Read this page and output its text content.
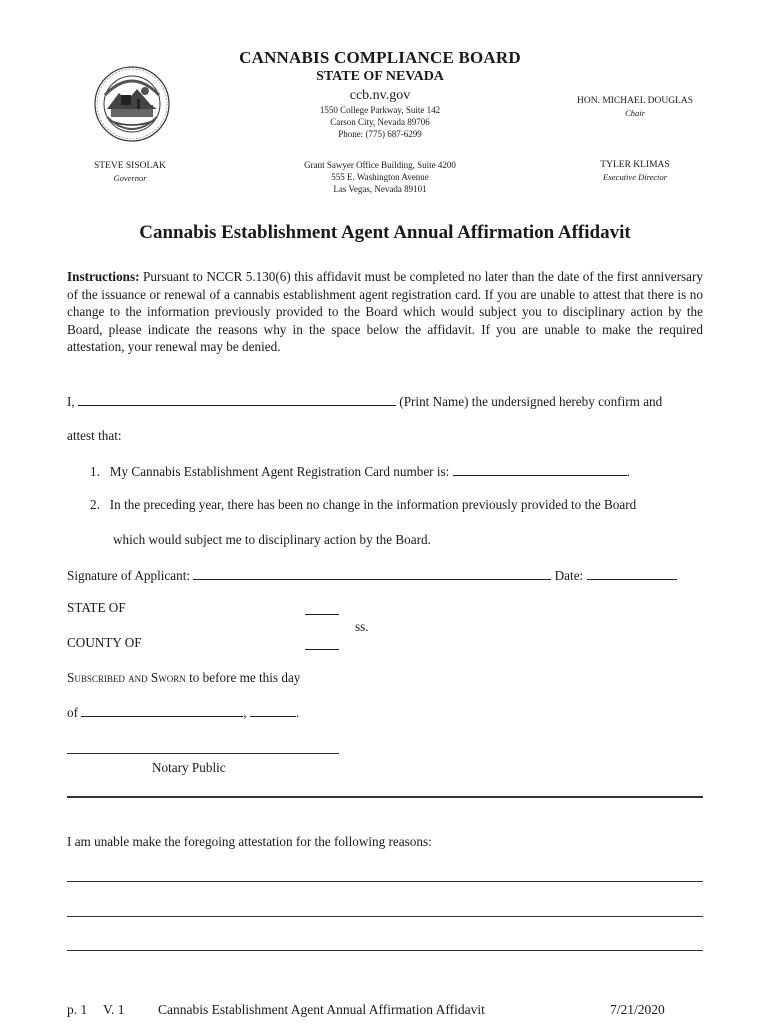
CANNABIS COMPLIANCE BOARD
STATE OF NEVADA
ccb.nv.gov
1550 College Parkway, Suite 142
Carson City, Nevada 89706
Phone: (775) 687-6299
HON. MICHAEL DOUGLAS
Chair
STEVE SISOLAK
Governor
Grant Sawyer Office Building, Suite 4200
555 E. Washington Avenue
Las Vegas, Nevada 89101
TYLER KLIMAS
Executive Director
Cannabis Establishment Agent Annual Affirmation Affidavit
Instructions: Pursuant to NCCR 5.130(6) this affidavit must be completed no later than the date of the first anniversary of the issuance or renewal of a cannabis establishment agent registration card. If you are unable to attest that there is no change to the information previously provided to the Board which would subject you to disciplinary action by the Board, please indicate the reasons why in the space below the affidavit. If you are unable to make the required attestation, your renewal may be denied.
I,	(Print Name) the undersigned hereby confirm and
attest that:
1. My Cannabis Establishment Agent Registration Card number is:	.
2. In the preceding year, there has been no change in the information previously provided to the Board
which would subject me to disciplinary action by the Board.
Signature of Applicant:	Date:
STATE OF
ss.
COUNTY OF
Subscribed and Sworn to before me this day
of	,	.
Notary Public
I am unable make the foregoing attestation for the following reasons:
p. 1 V. 1 Cannabis Establishment Agent Annual Affirmation Affidavit	7/21/2020
